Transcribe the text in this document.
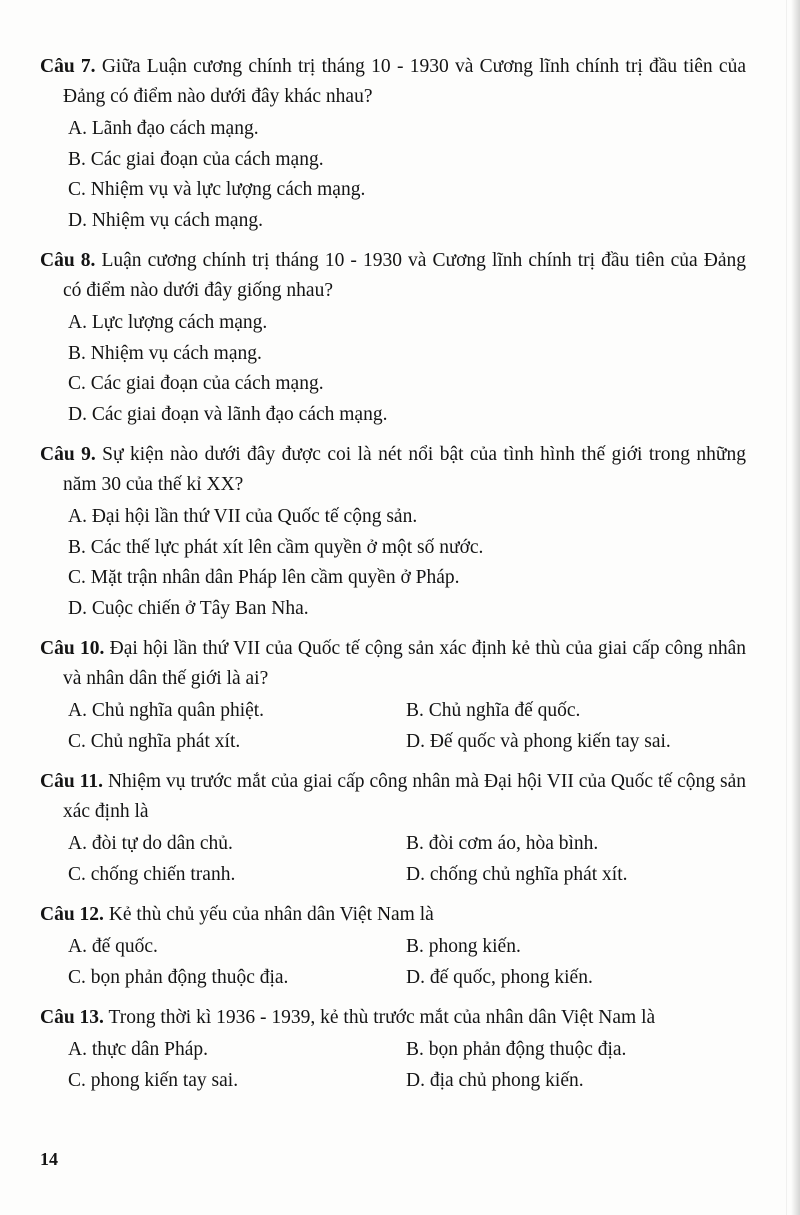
Câu 7. Giữa Luận cương chính trị tháng 10 - 1930 và Cương lĩnh chính trị đầu tiên của Đảng có điểm nào dưới đây khác nhau?

A. Lãnh đạo cách mạng.
B. Các giai đoạn của cách mạng.
C. Nhiệm vụ và lực lượng cách mạng.
D. Nhiệm vụ cách mạng.

Câu 8. Luận cương chính trị tháng 10 - 1930 và Cương lĩnh chính trị đầu tiên của Đảng có điểm nào dưới đây giống nhau?

A. Lực lượng cách mạng.
B. Nhiệm vụ cách mạng.
C. Các giai đoạn của cách mạng.
D. Các giai đoạn và lãnh đạo cách mạng.

Câu 9. Sự kiện nào dưới đây được coi là nét nổi bật của tình hình thế giới trong những năm 30 của thế kỉ XX?

A. Đại hội lần thứ VII của Quốc tế cộng sản.
B. Các thế lực phát xít lên cầm quyền ở một số nước.
C. Mặt trận nhân dân Pháp lên cầm quyền ở Pháp.
D. Cuộc chiến ở Tây Ban Nha.

Câu 10. Đại hội lần thứ VII của Quốc tế cộng sản xác định kẻ thù của giai cấp công nhân và nhân dân thế giới là ai?

A. Chủ nghĩa quân phiệt.	B. Chủ nghĩa đế quốc.
C. Chủ nghĩa phát xít.	D. Đế quốc và phong kiến tay sai.

Câu 11. Nhiệm vụ trước mắt của giai cấp công nhân mà Đại hội VII của Quốc tế cộng sản xác định là

A. đòi tự do dân chủ.	B. đòi cơm áo, hòa bình.
C. chống chiến tranh.	D. chống chủ nghĩa phát xít.

Câu 12. Kẻ thù chủ yếu của nhân dân Việt Nam là

A. đế quốc.	B. phong kiến.
C. bọn phản động thuộc địa.	D. đế quốc, phong kiến.

Câu 13. Trong thời kì 1936 - 1939, kẻ thù trước mắt của nhân dân Việt Nam là

A. thực dân Pháp.	B. bọn phản động thuộc địa.
C. phong kiến tay sai.	D. địa chủ phong kiến.
14
